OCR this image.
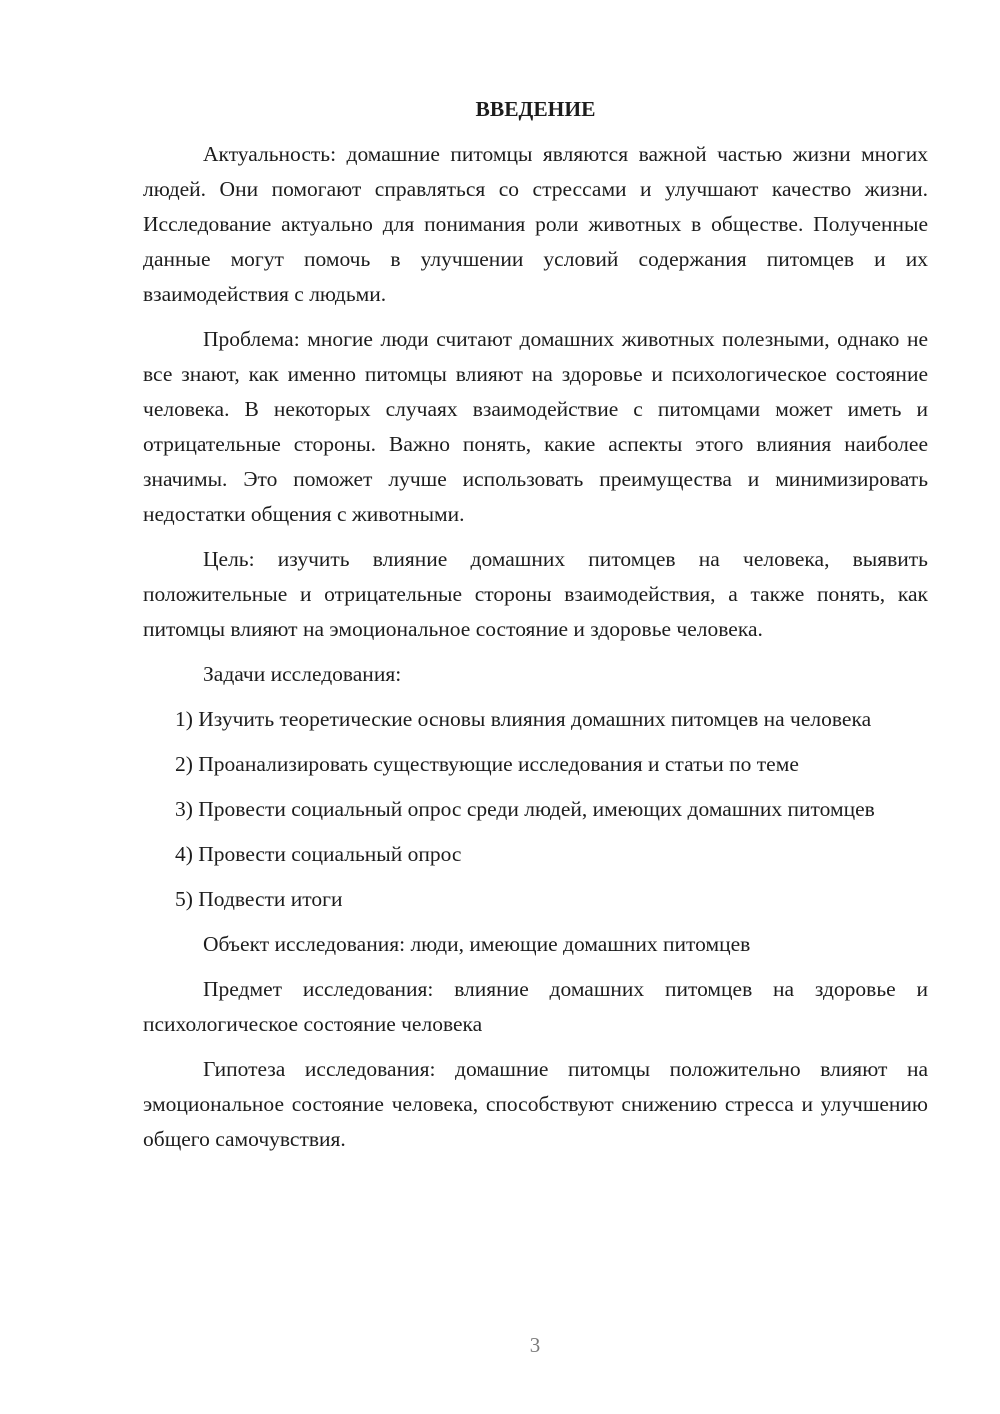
ВВЕДЕНИЕ

Актуальность: домашние питомцы являются важной частью жизни многих людей. Они помогают справляться со стрессами и улучшают качество жизни. Исследование актуально для понимания роли животных в обществе. Полученные данные могут помочь в улучшении условий содержания питомцев и их взаимодействия с людьми.

Проблема: многие люди считают домашних животных полезными, однако не все знают, как именно питомцы влияют на здоровье и психологическое состояние человека. В некоторых случаях взаимодействие с питомцами может иметь и отрицательные стороны. Важно понять, какие аспекты этого влияния наиболее значимы. Это поможет лучше использовать преимущества и минимизировать недостатки общения с животными.

Цель: изучить влияние домашних питомцев на человека, выявить положительные и отрицательные стороны взаимодействия, а также понять, как питомцы влияют на эмоциональное состояние и здоровье человека.

Задачи исследования:

1) Изучить теоретические основы влияния домашних питомцев на человека

2) Проанализировать существующие исследования и статьи по теме

3) Провести социальный опрос среди людей, имеющих домашних питомцев

4) Провести социальный опрос

5) Подвести итоги

Объект исследования: люди, имеющие домашних питомцев

Предмет исследования: влияние домашних питомцев на здоровье и психологическое состояние человека

Гипотеза исследования: домашние питомцы положительно влияют на эмоциональное состояние человека, способствуют снижению стресса и улучшению общего самочувствия.

3
